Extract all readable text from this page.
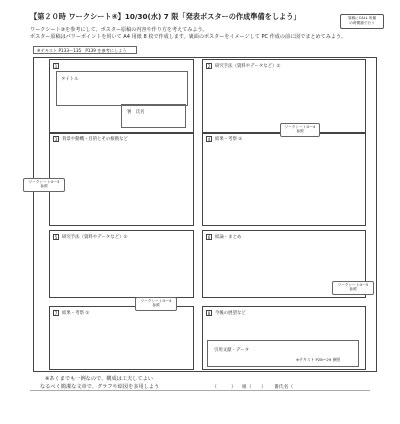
【第２０時 ワークシート④】10/30(水) 7 限「発表ポスターの作成準備をしよう」	原稿にCALL 所属
の時間割で行う
ワークシート③を参考にして、ポスター原稿の内容や作り方を考えてみよう。
ポスター原稿はパワーポイントを用いて A4 用紙 8 枚で作成します。裏面のポスターをイメージして PC 作成の前に図でまとめてみよう。
※テキスト P133〜135　P139 を参考にしよう
1
タイトル
署　氏名
2	研究手法（資料やデータなど）②
3	背景や動機・目的とその根拠など	4	結果・考察 ②
5	研究手法（資料やデータなど）①	6	結論・まとめ
7	結果・考察 ①	8	今後の展望など
引用文献・データ
※テキスト P28〜29 参照
ワークシート③ー4
参照
ワークシート③ー3
参照
ワークシート③ー4
参照
ワークシート③ー5
参照
※あくまでも一例なので、構成は工夫してよい
なるべく簡潔な文章で、グラフや絵図を多用しよう	（　　　） 組（　　） 番氏名（
